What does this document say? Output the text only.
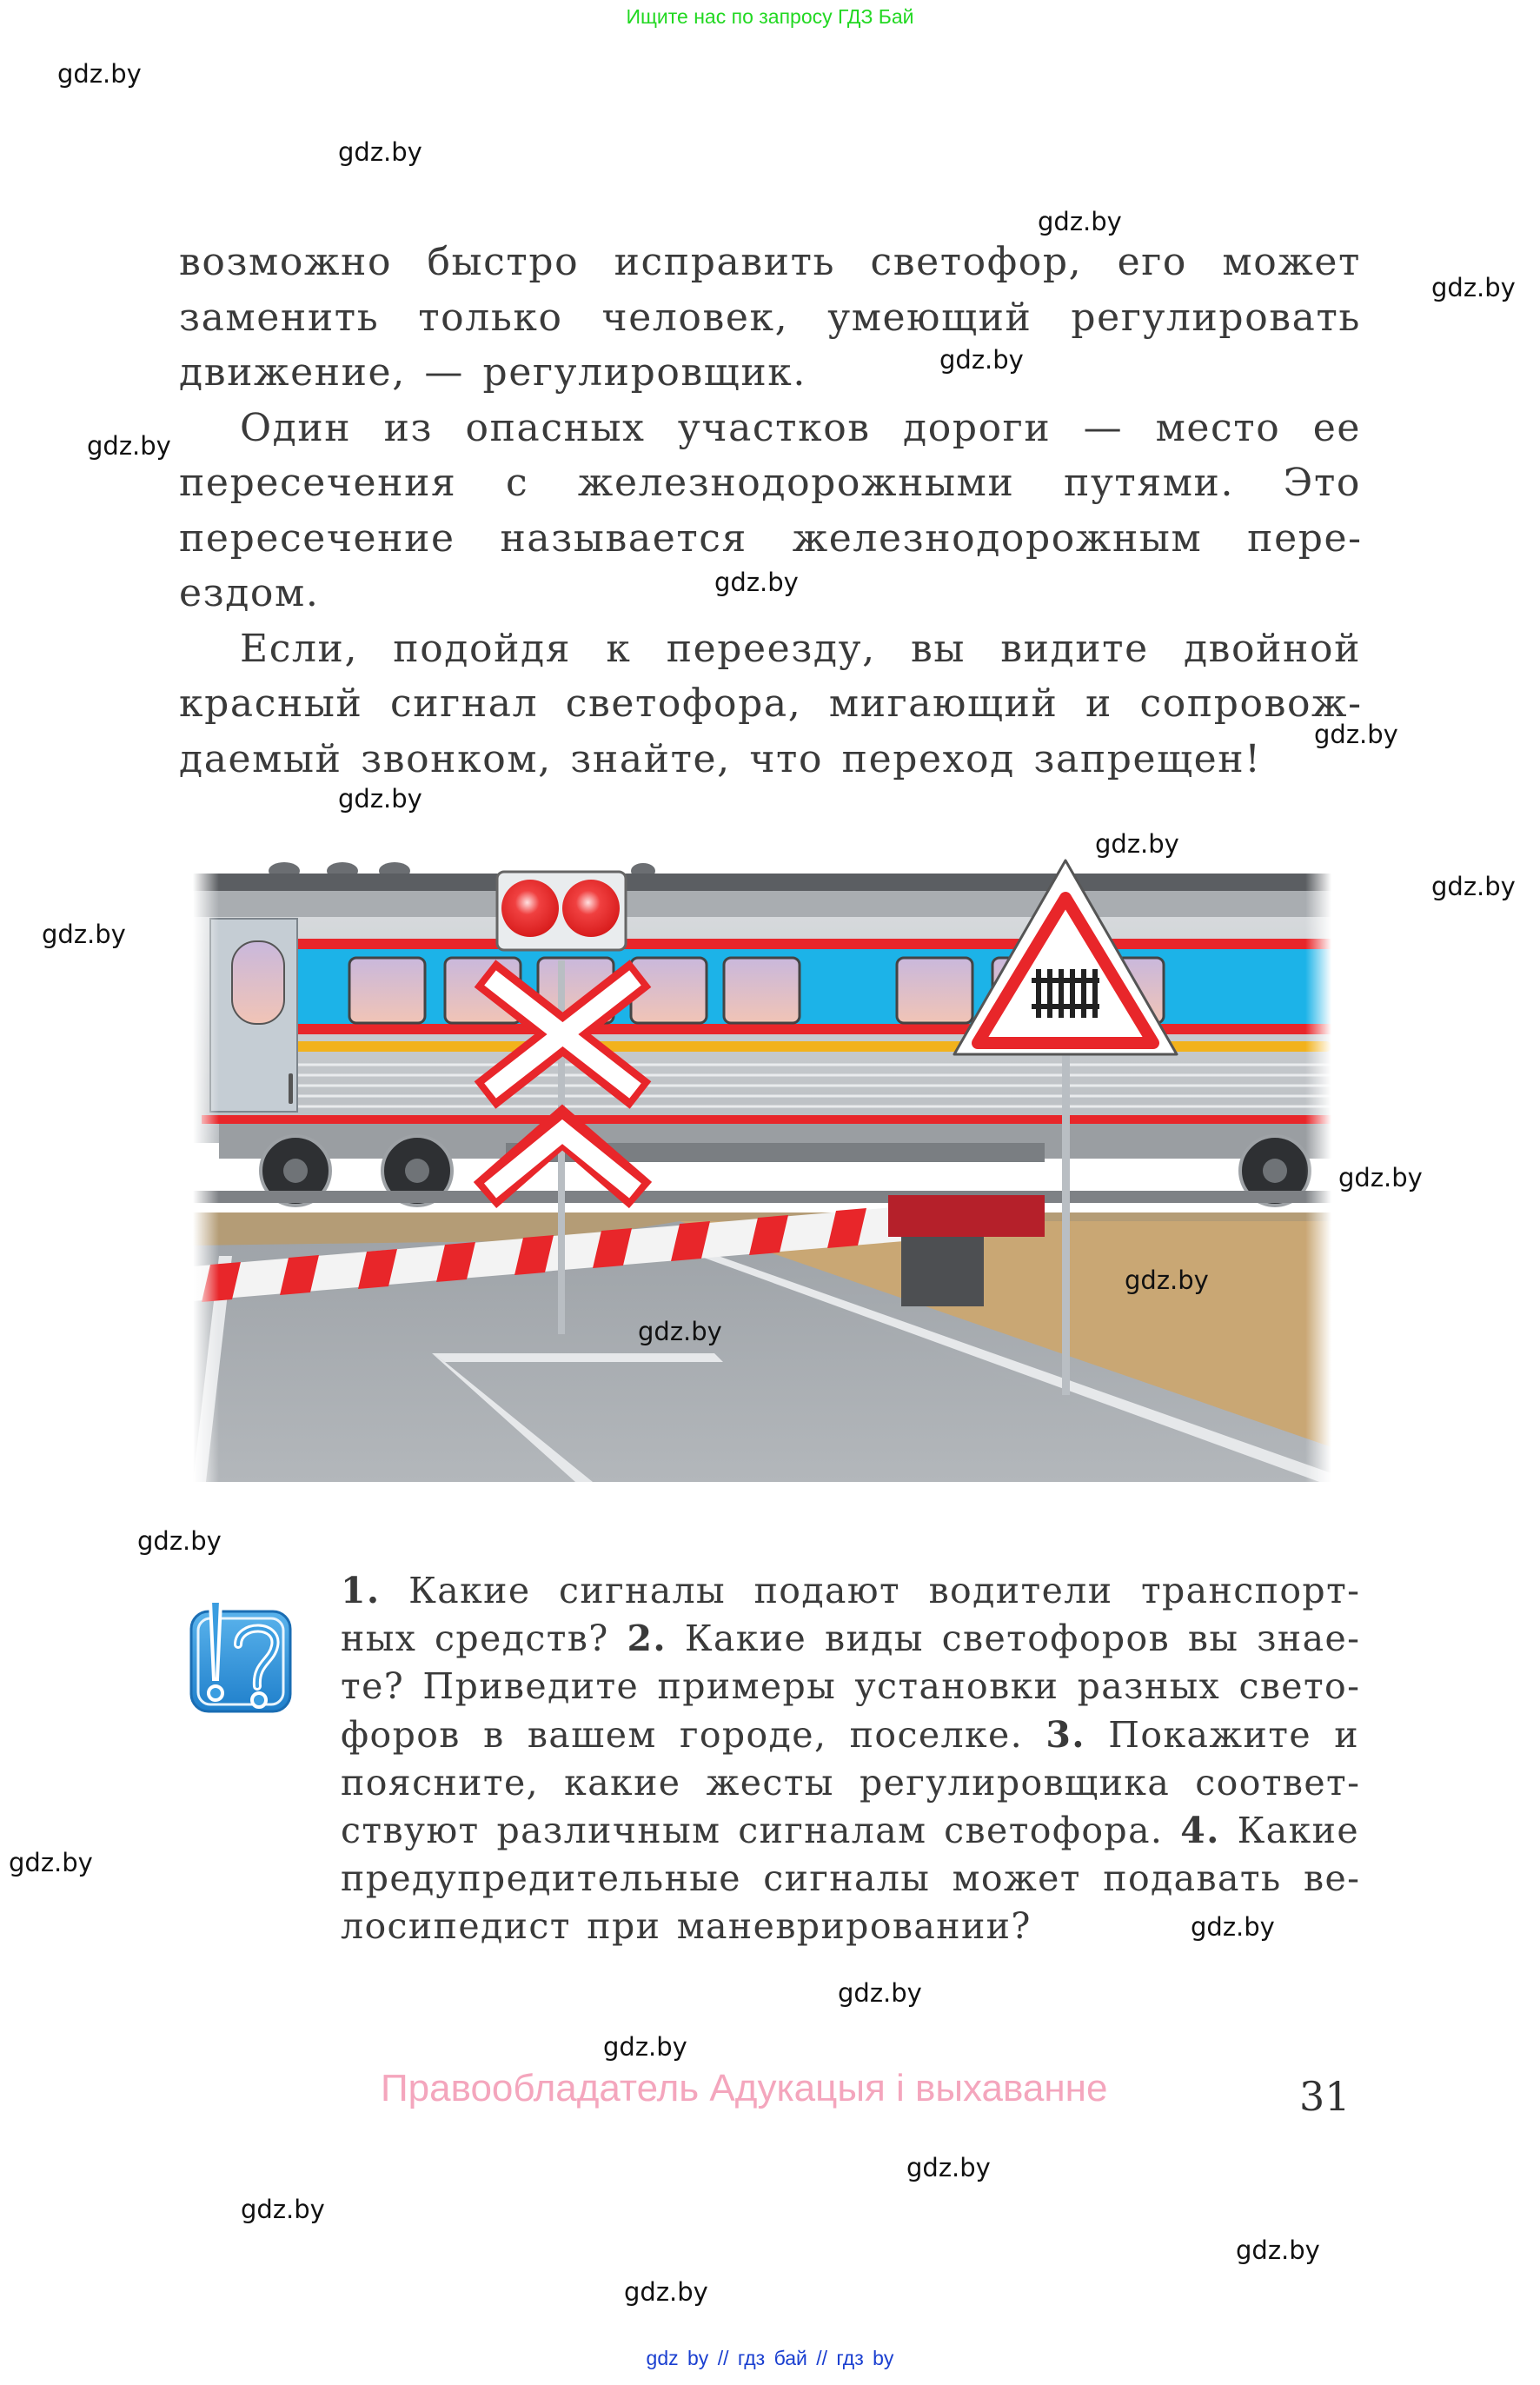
Ищите нас по запросу ГДЗ Бай

возможно быстро исправить светофор, его может заменить только человек, умеющий регулировать движение, — регулировщик.

Один из опасных участков дороги — место ее пересечения с железнодорожными путями. Это пересечение называется железнодорожным переездом.

Если, подойдя к переезду, вы видите двойной красный сигнал светофора, мигающий и сопровождаемый звонком, знайте, что переход запрещен!

1. Какие сигналы подают водители транспортных средств? 2. Какие виды светофоров вы знаете? Приведите примеры установки разных светофоров в вашем городе, поселке. 3. Покажите и поясните, какие жесты регулировщика соответствуют различным сигналам светофора. 4. Какие предупредительные сигналы может подавать велосипедист при маневрировании?
Правообладатель Адукацыя і выхаванне	31
gdz by // гдз бай // гдз by
gdz.by
gdz.by
gdz.by
gdz.by
gdz.by
gdz.by
gdz.by
gdz.by
gdz.by
gdz.by
gdz.by
gdz.by
gdz.by
gdz.by
gdz.by
gdz.by
gdz.by
gdz.by
gdz.by
gdz.by
gdz.by
gdz.by
gdz.by
gdz.by
